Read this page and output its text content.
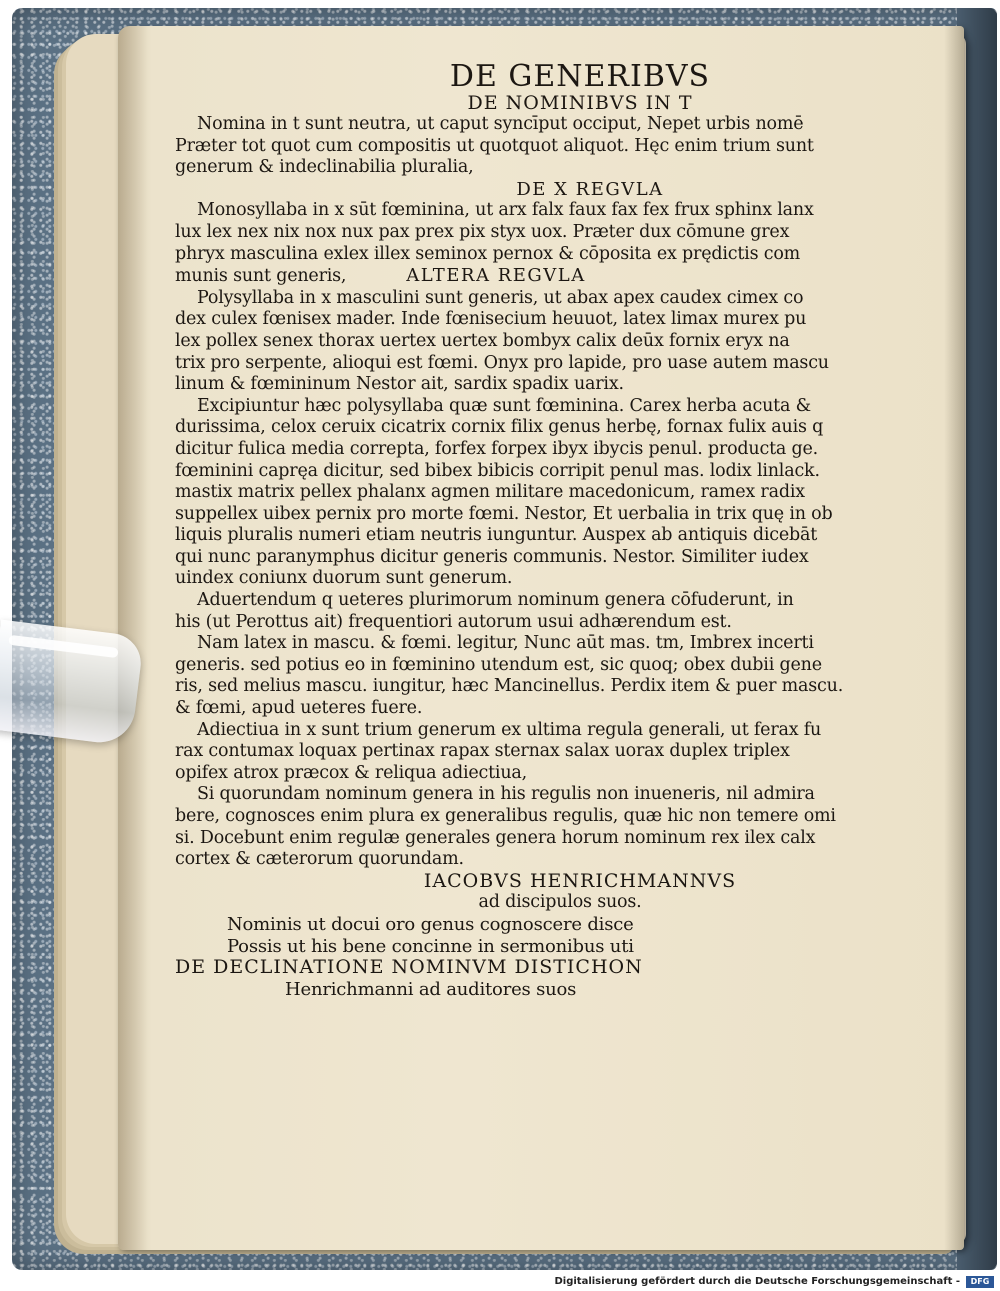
DE GENERIBVS

DE NOMINIBVS IN T

Nomina in t sunt neutra, ut caput syncīput occiput, Nepet urbis nomē

Præter tot quot cum compositis ut quotquot aliquot. Hęc enim trium sunt

generum & indeclinabilia pluralia,

DE X REGVLA

Monosyllaba in x sūt fœminina, ut arx falx faux fax fex frux sphinx lanx

lux lex nex nix nox nux pax prex pix styx uox. Præter dux cōmune grex

phryx masculina exlex illex seminox pernox & cōposita ex prędictis com

munis sunt generis,	ALTERA REGVLA

Polysyllaba in x masculini sunt generis, ut abax apex caudex cimex co

dex culex fœnisex mader. Inde fœnisecium heuuot, latex limax murex pu

lex pollex senex thorax uertex uertex bombyx calix deūx fornix eryx na

trix pro serpente, alioqui est fœmi. Onyx pro lapide, pro uase autem mascu

linum & fœmininum Nestor ait, sardix spadix uarix.

Excipiuntur hæc polysyllaba quæ sunt fœminina. Carex herba acuta &

durissima, celox ceruix cicatrix cornix filix genus herbę, fornax fulix auis q

dicitur fulica media correpta, forfex forpex ibyx ibycis penul. producta ge.

fœminini capręa dicitur, sed bibex bibicis corripit penul mas. lodix linlack.

mastix matrix pellex phalanx agmen militare macedonicum, ramex radix

suppellex uibex pernix pro morte fœmi. Nestor, Et uerbalia in trix quę in ob

liquis pluralis numeri etiam neutris iunguntur. Auspex ab antiquis dicebāt

qui nunc paranymphus dicitur generis communis. Nestor. Similiter iudex

uindex coniunx duorum sunt generum.

Aduertendum q ueteres plurimorum nominum genera cōfuderunt, in

his (ut Perottus ait) frequentiori autorum usui adhærendum est.

Nam latex in mascu. & fœmi. legitur, Nunc aūt mas. tm, Imbrex incerti

generis. sed potius eo in fœminino utendum est, sic quoq; obex dubii gene

ris, sed melius mascu. iungitur, hæc Mancinellus. Perdix item & puer mascu.

& fœmi, apud ueteres fuere.

Adiectiua in x sunt trium generum ex ultima regula generali, ut ferax fu

rax contumax loquax pertinax rapax sternax salax uorax duplex triplex

opifex atrox præcox & reliqua adiectiua,

Si quorundam nominum genera in his regulis non inueneris, nil admira

bere, cognosces enim plura ex generalibus regulis, quæ hic non temere omi

si. Docebunt enim regulæ generales genera horum nominum rex ilex calx

cortex & cæterorum quorundam.

IACOBVS HENRICHMANNVS

ad discipulos suos.

Nominis ut docui oro genus cognoscere disce

Possis ut his bene concinne in sermonibus uti

DE DECLINATIONE NOMINVM DISTICHON

Henrichmanni ad auditores suos

Digitalisierung gefördert durch die Deutsche Forschungsgemeinschaft -	DFG
